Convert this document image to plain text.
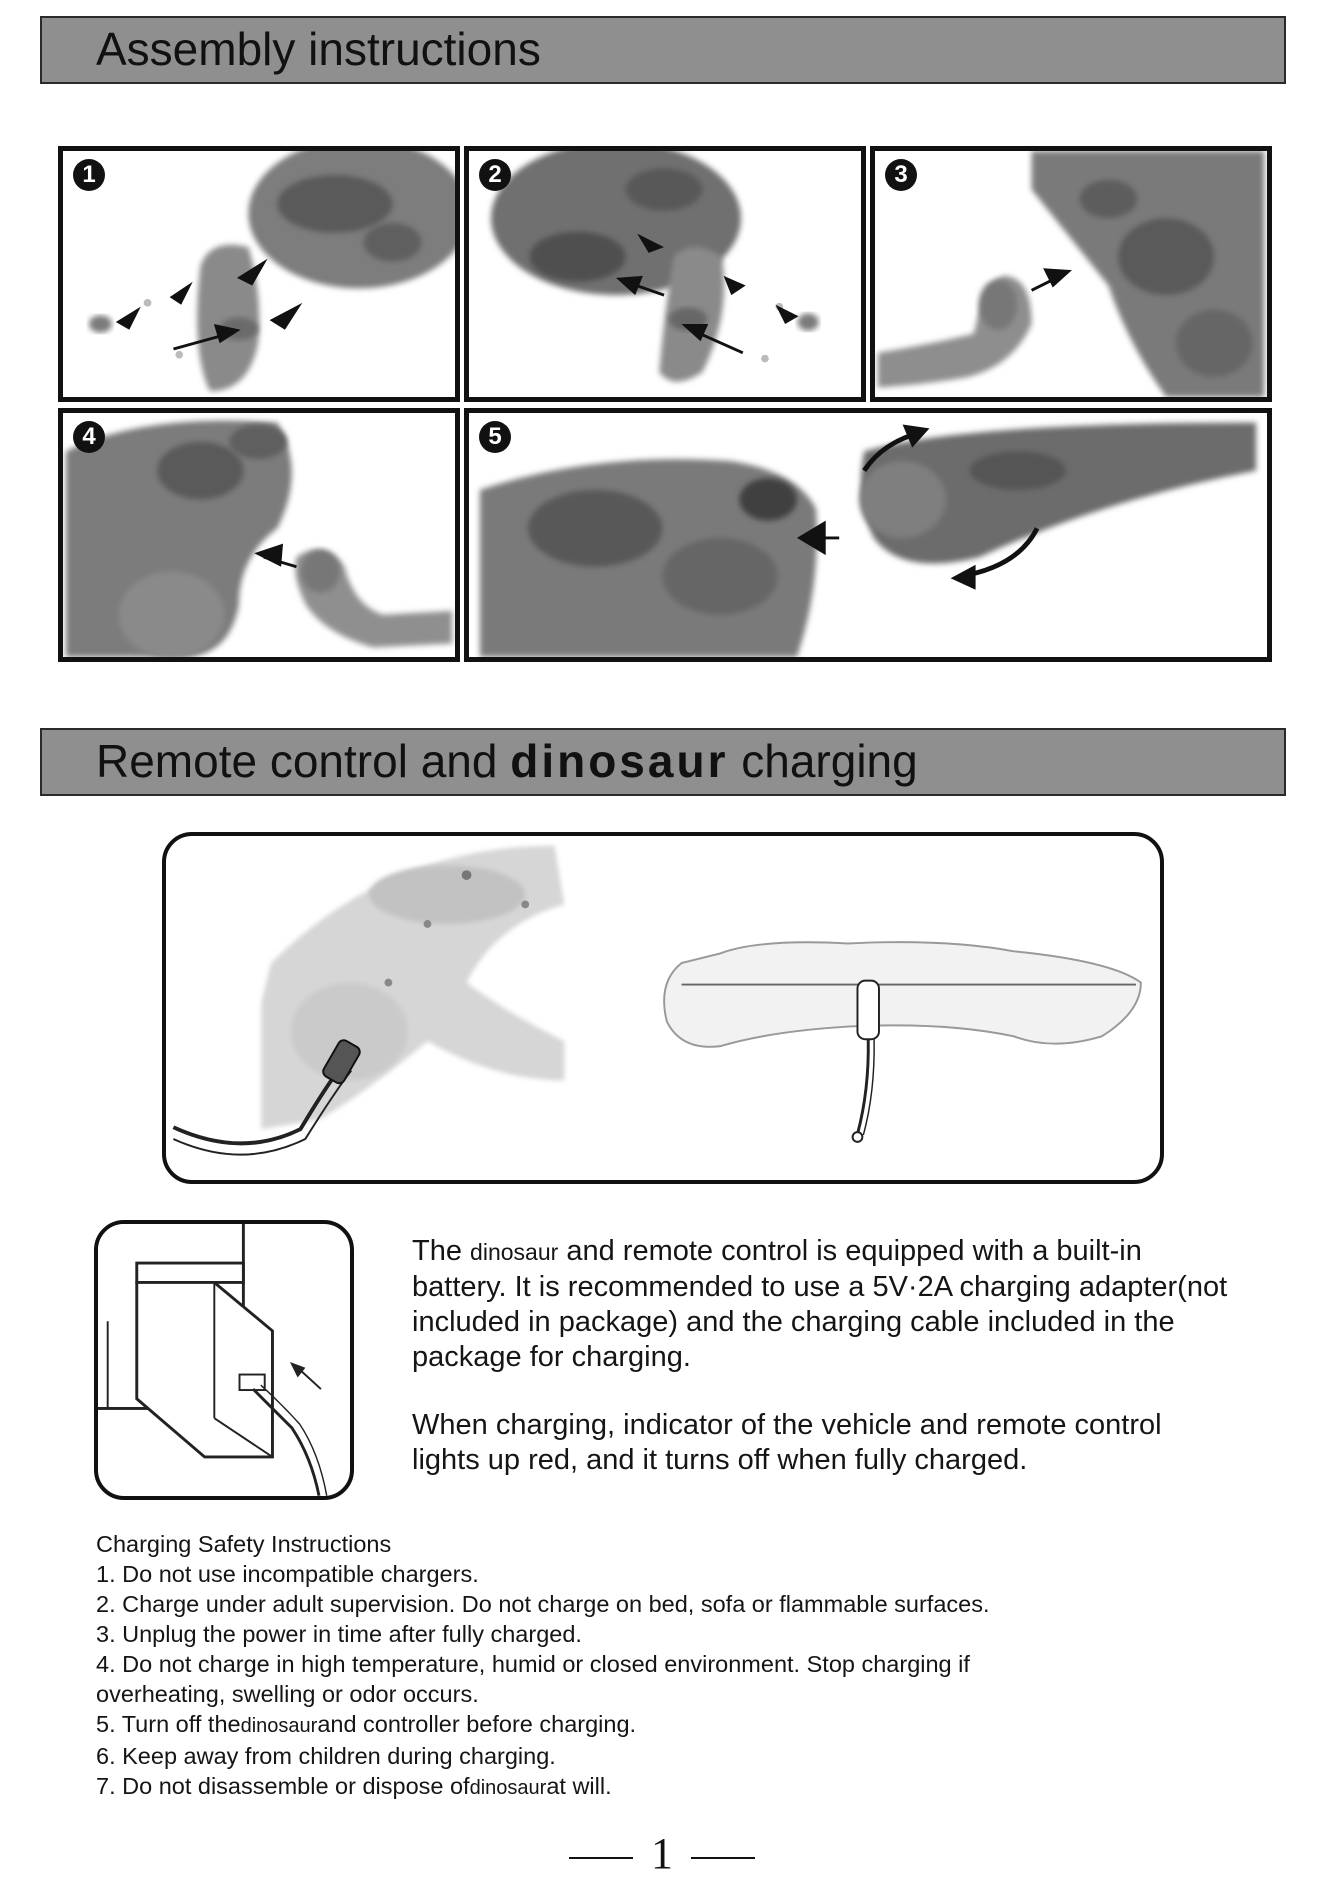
Assembly instructions
1	2	3
4	5
Remote control and dinosaur charging
The dinosaur and remote control is equipped with a built-in battery. It is recommended to use a 5V·2A charging adapter(not included in package) and the charging cable included in the package for charging.
When charging, indicator of the vehicle and remote control lights up red, and it turns off when fully charged.
Charging Safety Instructions
1. Do not use incompatible chargers.
2. Charge under adult supervision. Do not charge on bed, sofa or flammable surfaces.
3. Unplug the power in time after fully charged.
4. Do not charge in high temperature, humid or closed environment. Stop charging if overheating, swelling or odor occurs.
5. Turn off thedinosaurand controller before charging.
6. Keep away from children during charging.
7. Do not disassemble or dispose ofdinosaurat will.
1
